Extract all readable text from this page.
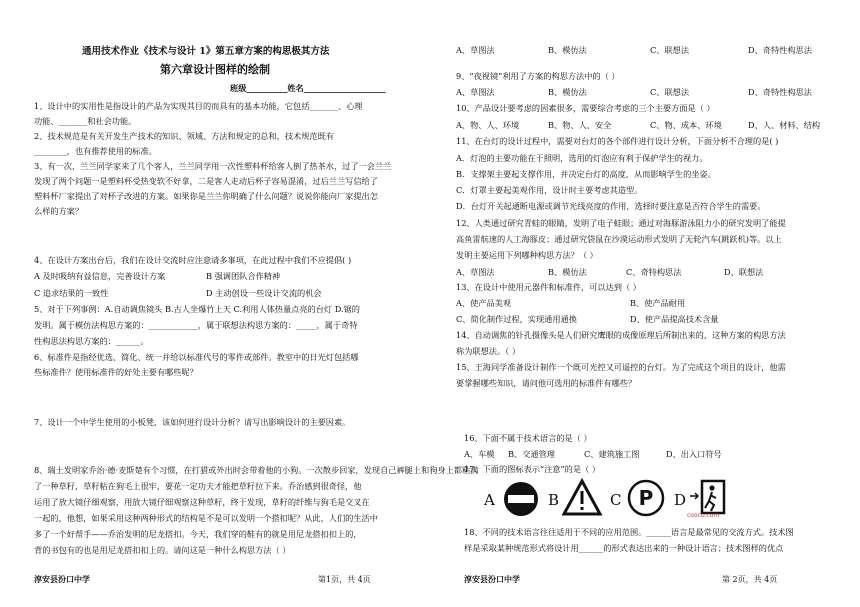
通用技术作业《技术与设计 1》第五章方案的构思极其方法
第六章设计图样的绘制
班级__________姓名____________________
1、设计中的实用性是指设计的产品为实现其目的而具有的基本功能，它包括_______、心理
功能、_______和社会功能。
2、技术规范是有关开发生产技术的知识、领域、方法和规定的总和，技术规范既有
________，也有推荐使用的标准。
3、有一次，兰兰同学家来了几个客人，兰兰同学用一次性塑料杯给客人倒了热茶水，过了一会兰兰
发现了两个问题一是塑料杯受热变软不好拿，二是客人走动后杯子容易混淆，过后兰兰写信给了
塑料杯厂家提出了对杯子改进的方案。如果你是兰兰你明确了什么问题？说说你能向厂家提出怎
么样的方案？
4、在设计方案出台后，我们在设计交流时应注意请多事项，在此过程中我们不应提倡( )
A 及时吸纳有益信息，完善设计方案	B 强调团队合作精神
C 追求结果的一致性	D 主动创设一些设计交流的机会
5、对于下列事例：A.自动调焦镜头 B.古人坐爆竹上天 C.利用人体热量点亮的台灯 D.锯的
发明。属于模仿法构思方案的：____________，属于联想法构思方案的：_____，属于奇特
性构思法构思方案的：______。
6、标准件是指经优选、简化、统一并给以标准代号的零件或部件。教室中的日光灯包括哪
些标准件？使用标准件的好处主要有哪些呢？
7、设计一个中学生使用的小板凳，该如何进行设计分析？请写出影响设计的主要因素。
8、瑞士发明家乔治·德·麦斯楚有个习惯，在打猎或外出时会带着他的小狗。一次散步回家，发现自己裤腿上和狗身上都粘满
了一种草籽，草籽粘在狗毛上很牢，要花一定功夫才能把草籽拉下来。乔治感到很奇怪，他
运用了放大镜仔细观察，用放大镜仔细观察这种草籽，终于发现，草籽的纤维与狗毛是交叉在
一起的，他想，如果采用这种两种形式的结构是不是可以发明一个搭扣呢？从此，人们的生活中
多了一个好帮手——乔治发明的尼龙搭扣。今天，我们穿的鞋有的就是用尼龙搭扣扣上的，
背的书包有的也是用尼龙搭扣扣上的。请问这是一种什么构思方法（ ）
淳安县汾口中学	第1页，共 4页
A、草图法	B、模仿法	C、联想法	D、奇特性构思法
9、“夜视镜”利用了方案的构思方法中的（ ）
A、草图法	B、模仿法	C、联想法	D、奇特性构思法
10、产品设计要考虑的因素很多，需要综合考虑的三个主要方面是（ ）
A、物、人、环境	B、物、人、安全	C、物、成本、环境	D、人、材料、结构
11、在台灯的设计过程中，需要对台灯的各个部件进行设计分析，下面分析不合理的是( )
A．灯泡的主要功能在于照明，选用的灯泡应有利于保护学生的视力。
B．支撑架主要起支撑作用，并决定台灯的高度，从而影响学生的坐姿。
C．灯罩主要起美观作用，设计时主要考虑其造型。
D．台灯开关起通断电源或调节光线亮度的作用，选择时要注意是否符合学生的需要。
12、人类通过研究青蛙的眼睛，发明了电子蛙眼；通过对海豚游泳阻力小的研究发明了能提
高鱼雷航速的人工海豚皮；通过研究袋鼠在沙漠运动形式发明了无轮汽车(跳跃机)等。以上
发明主要运用下列哪种构思方法？（ ）
A、草图法	B、模仿法	C、奇特构思法	D、联想法
13、在设计中使用元器件和标准件，可以达到（ ）
A、使产品美观	B、使产品耐用
C、简化制作过程，实现通用通换	D、使产品提高技术含量
14、自动调焦的针孔摄像头是人们研究鹰眼的成像原理后所制出来的，这种方案的构思方法
称为联想法。（ ）
15、王海同学准备设计制作一个既可光控又可遥控的台灯。为了完成这个项目的设计，他需
要掌握哪些知识，请问他可选用的标准件有哪些？
16、下面不属于技术语言的是（ ）
A、车模 B、交通管理	C、建筑施工图	D、出入口符号
17、下面的图标表示“注意”的是（ ）
A	B	C P D
cooco.com
18、不同的技术语言往往适用于不同的应用范围。______语言是最常见的交流方式。技术图
样是采取某种规范形式将设计用______的形式表达出来的一种设计语言；技术图样的优点
淳安县汾口中学	第 2页，共 4页
